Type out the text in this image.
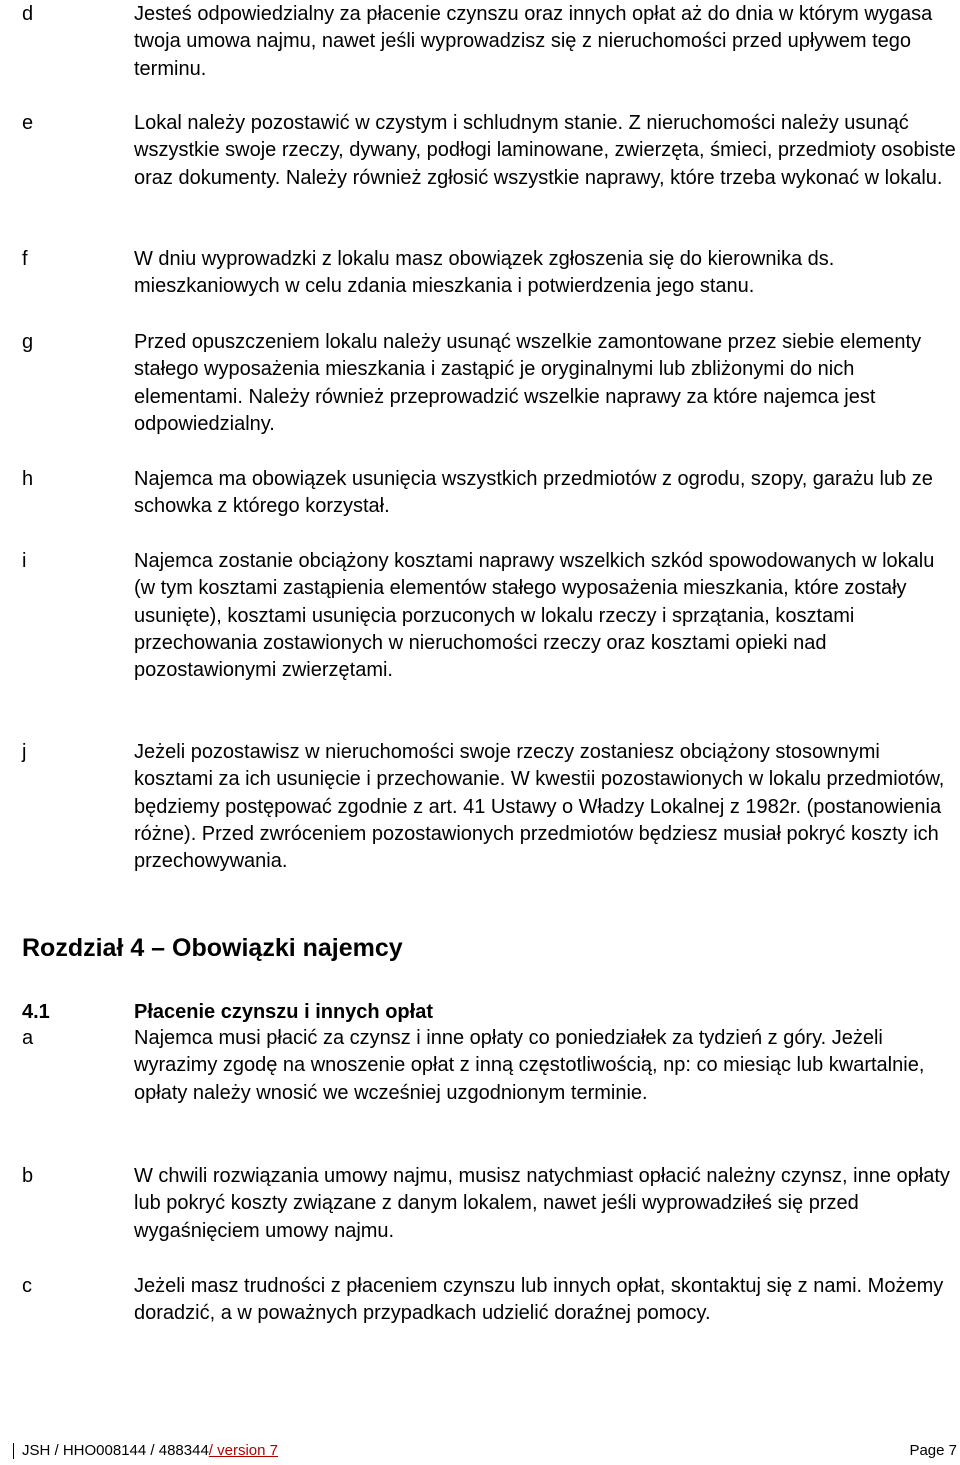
d	Jesteś odpowiedzialny za płacenie czynszu oraz innych opłat aż do dnia w którym wygasa twoja umowa najmu, nawet jeśli wyprowadzisz się z nieruchomości przed upływem tego terminu.
e	Lokal należy pozostawić w czystym i schludnym stanie. Z nieruchomości należy usunąć wszystkie swoje rzeczy, dywany, podłogi laminowane, zwierzęta, śmieci, przedmioty osobiste oraz dokumenty. Należy również zgłosić wszystkie naprawy, które trzeba wykonać w lokalu.
f	W dniu wyprowadzki z lokalu masz obowiązek zgłoszenia się do kierownika ds. mieszkaniowych w celu zdania mieszkania i potwierdzenia jego stanu.
g	Przed opuszczeniem lokalu należy usunąć wszelkie zamontowane przez siebie elementy stałego wyposażenia mieszkania i zastąpić je oryginalnymi lub zbliżonymi do nich elementami. Należy również przeprowadzić wszelkie naprawy za które najemca jest odpowiedzialny.
h	Najemca ma obowiązek usunięcia wszystkich przedmiotów z ogrodu, szopy, garażu lub ze schowka z którego korzystał.
i	Najemca zostanie obciążony kosztami naprawy wszelkich szkód spowodowanych w lokalu (w tym kosztami zastąpienia elementów stałego wyposażenia mieszkania, które zostały usunięte), kosztami usunięcia porzuconych w lokalu rzeczy i sprzątania, kosztami przechowania zostawionych w nieruchomości rzeczy oraz kosztami opieki nad pozostawionymi zwierzętami.
j	Jeżeli pozostawisz w nieruchomości swoje rzeczy zostaniesz obciążony stosownymi kosztami za ich usunięcie i przechowanie. W kwestii pozostawionych w lokalu przedmiotów, będziemy postępować zgodnie z art. 41 Ustawy o Władzy Lokalnej z 1982r. (postanowienia różne). Przed zwróceniem pozostawionych przedmiotów będziesz musiał pokryć koszty ich przechowywania.
Rozdział 4 – Obowiązki najemcy
4.1	Płacenie czynszu i innych opłat
a	Najemca musi płacić za czynsz i inne opłaty co poniedziałek za tydzień z góry. Jeżeli wyrazimy zgodę na wnoszenie opłat z inną częstotliwością, np: co miesiąc lub kwartalnie, opłaty należy wnosić we wcześniej uzgodnionym terminie.
b	W chwili rozwiązania umowy najmu, musisz natychmiast opłacić należny czynsz, inne opłaty lub pokryć koszty związane z danym lokalem, nawet jeśli wyprowadziłeś się przed wygaśnięciem umowy najmu.
c	Jeżeli masz trudności z płaceniem czynszu lub innych opłat, skontaktuj się z nami. Możemy doradzić, a w poważnych przypadkach udzielić doraźnej pomocy.
JSH / HHO008144 / 488344/ version 7	Page 7
